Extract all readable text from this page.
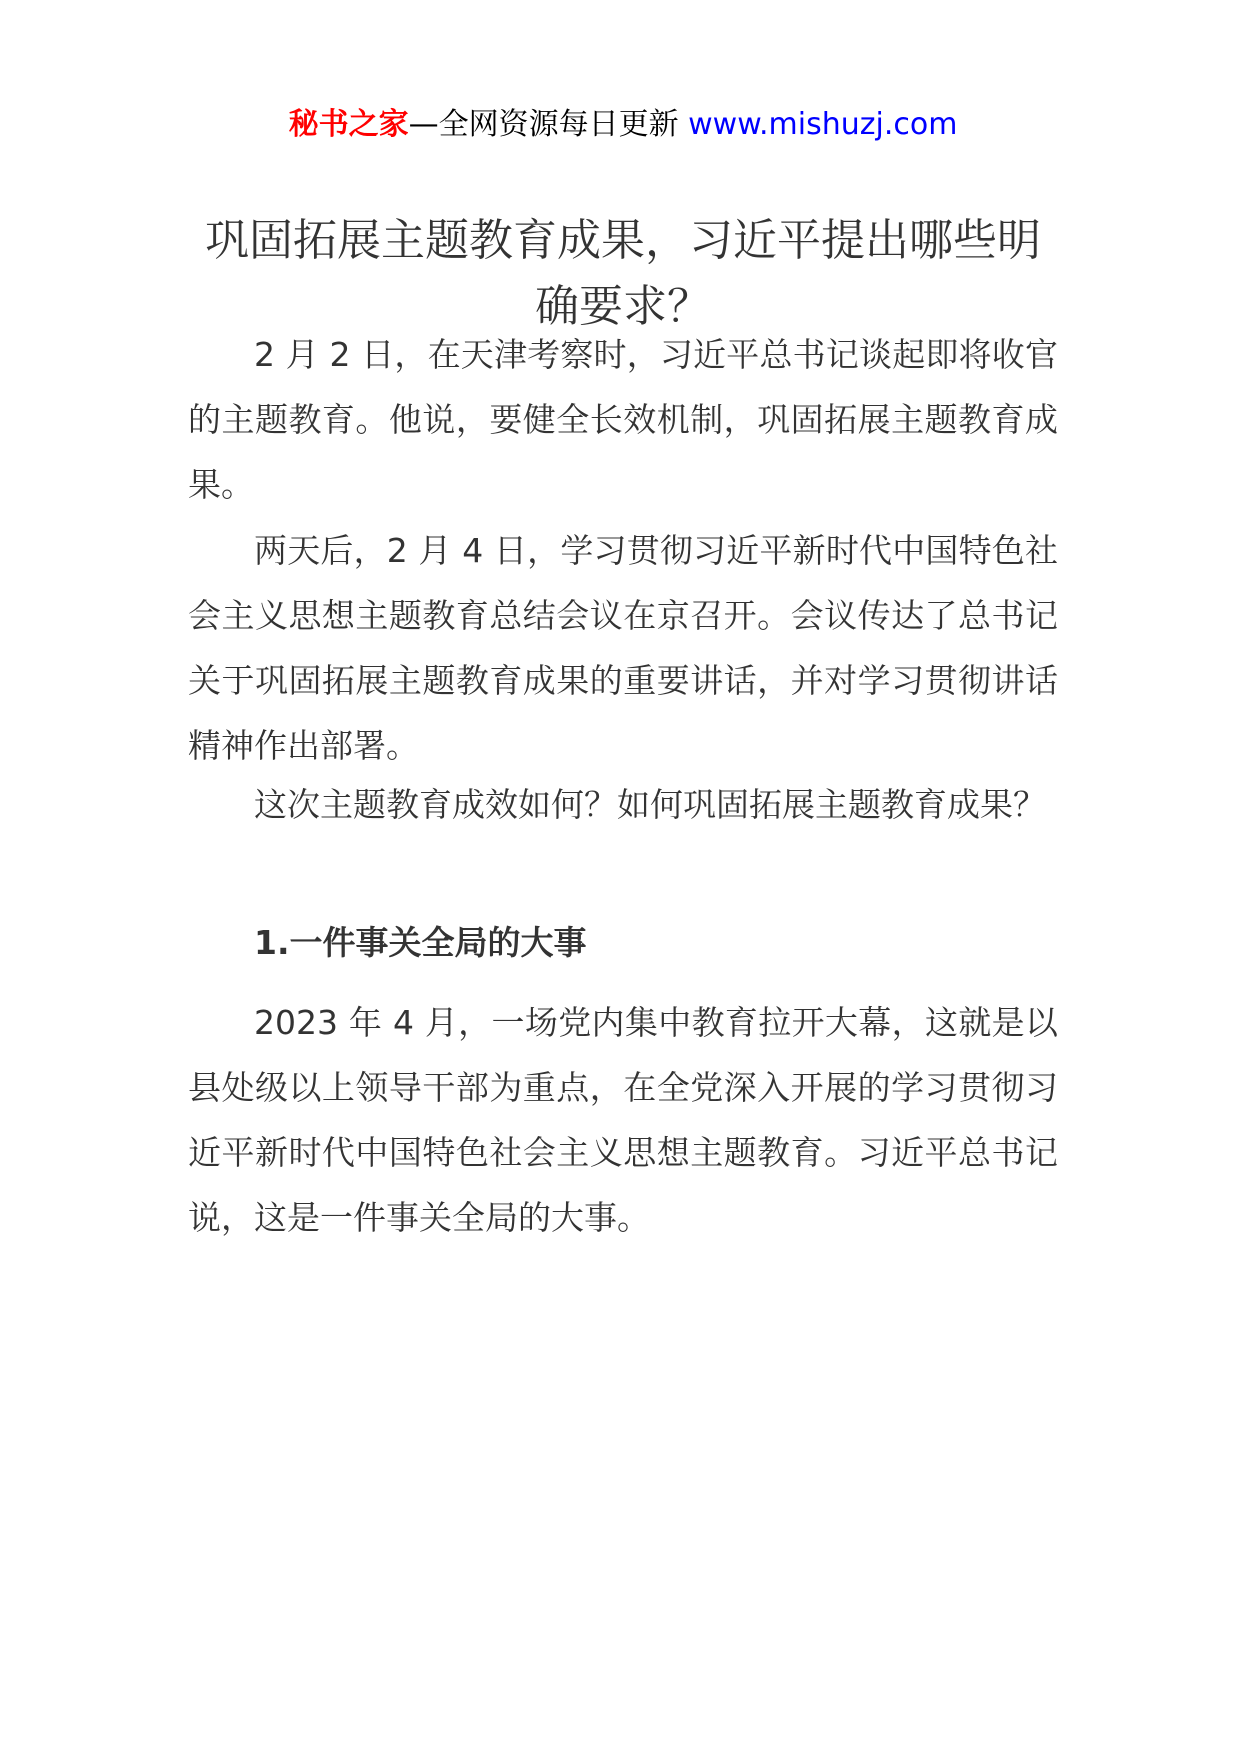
秘书之家—全网资源每日更新 www.mishuzj.com
巩固拓展主题教育成果，习近平提出哪些明确要求？

2 月 2 日，在天津考察时，习近平总书记谈起即将收官的主题教育。他说，要健全长效机制，巩固拓展主题教育成果。

两天后，2 月 4 日，学习贯彻习近平新时代中国特色社会主义思想主题教育总结会议在京召开。会议传达了总书记关于巩固拓展主题教育成果的重要讲话，并对学习贯彻讲话精神作出部署。

这次主题教育成效如何？如何巩固拓展主题教育成果？

1.一件事关全局的大事

2023 年 4 月，一场党内集中教育拉开大幕，这就是以县处级以上领导干部为重点，在全党深入开展的学习贯彻习近平新时代中国特色社会主义思想主题教育。习近平总书记说，这是一件事关全局的大事。
